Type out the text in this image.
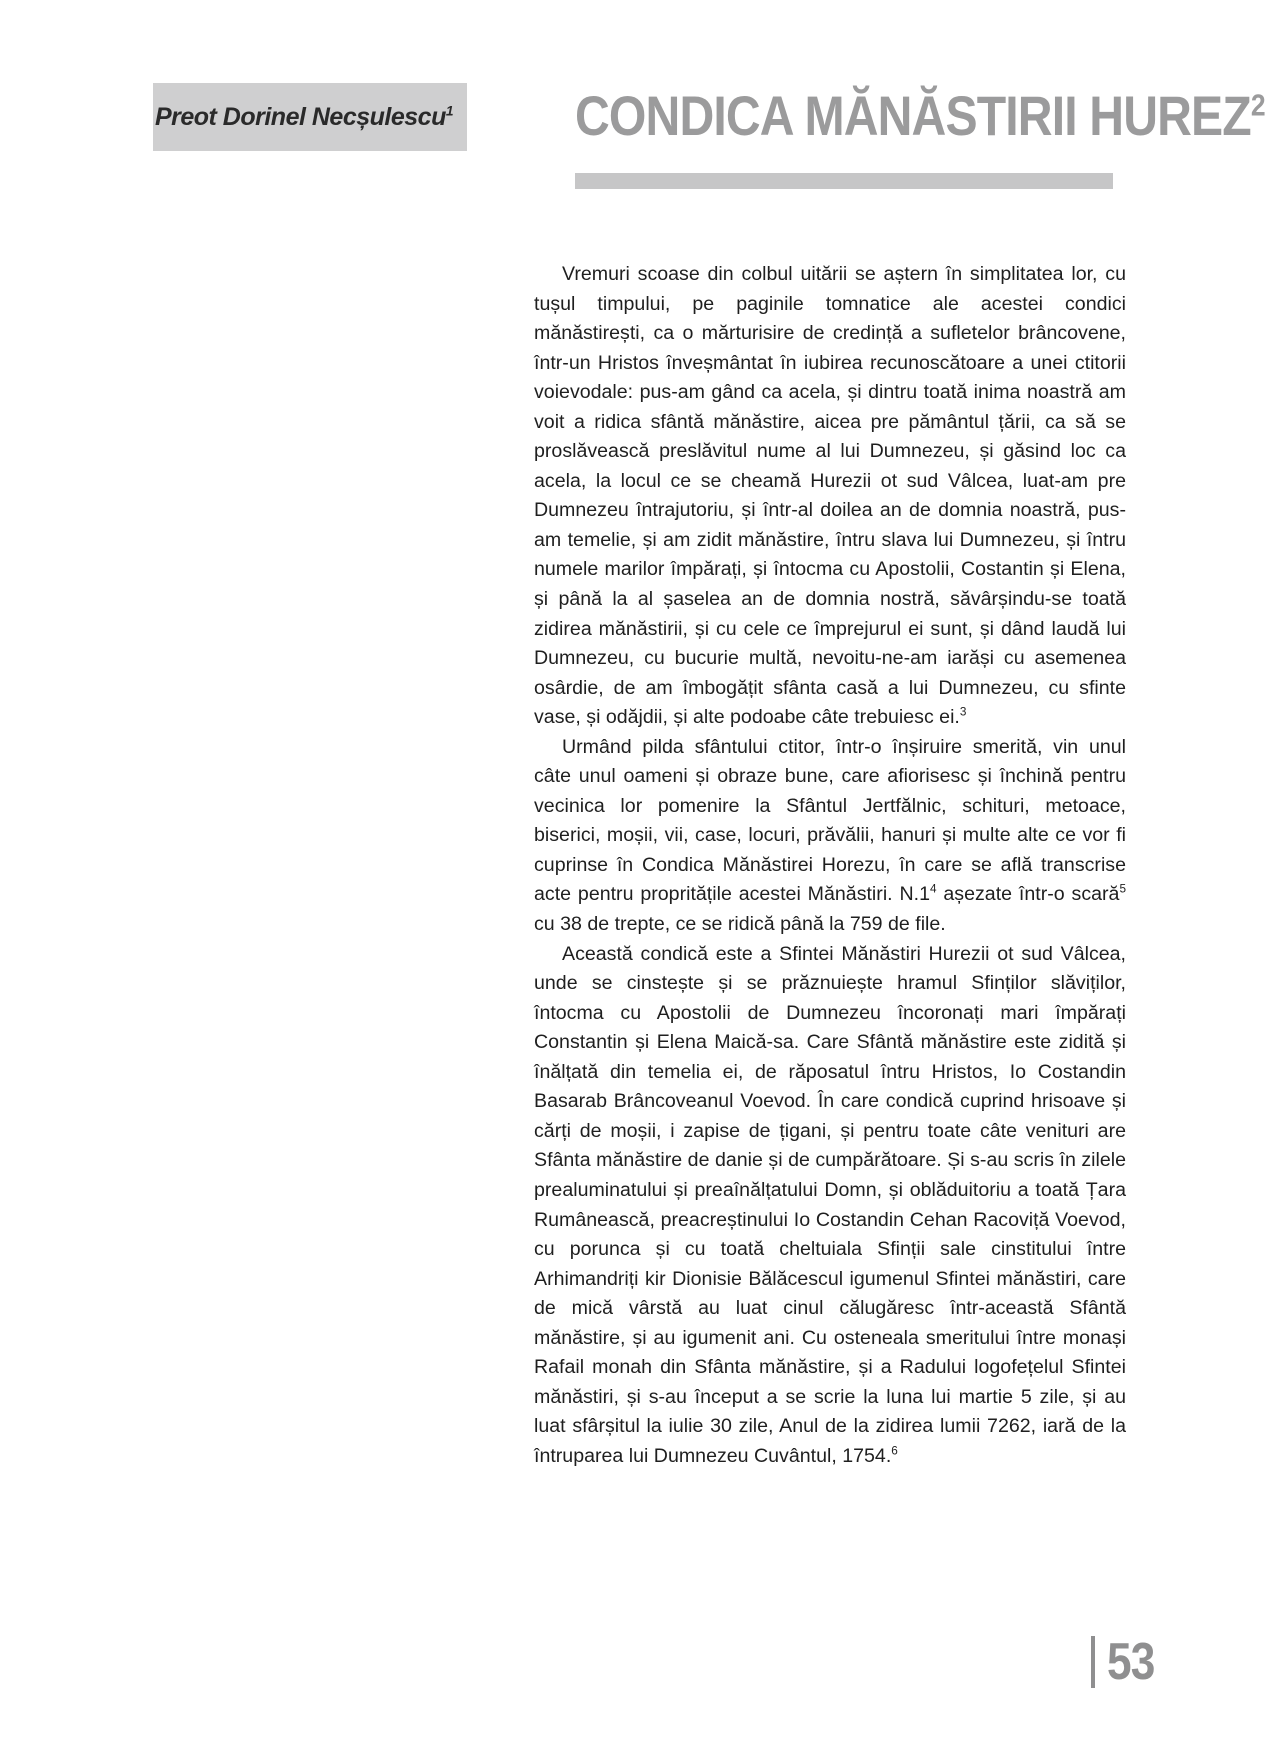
Preot Dorinel Necșulescu$^1$ CONDICA MĂNĂSTIRII HUREZ$^2$

Vremuri scoase din colbul uitării se aștern în simplitatea lor, cu tușul timpului, pe paginile tomnatice ale acestei condici mănăstirești, ca o mărturisire de credință a sufletelor brâncovene, într-un Hristos înveșmântat în iubirea recunoscătoare a unei ctitorii voievodale: pus-am gând ca acela, și dintru toată inima noastră am voit a ridica sfântă mănăstire, aicea pre pământul țării, ca să se proslăvească preslăvitul nume al lui Dumnezeu, și găsind loc ca acela, la locul ce se cheamă Hurezii ot sud Vâlcea, luat-am pre Dumnezeu întrajutoriu, și într-al doilea an de domnia noastră, pus-am temelie, și am zidit mănăstire, întru slava lui Dumnezeu, și întru numele marilor împărați, și întocma cu Apostolii, Costantin și Elena, și până la al șaselea an de domnia nostră, săvârșindu-se toată zidirea mănăstirii, și cu cele ce împrejurul ei sunt, și dând laudă lui Dumnezeu, cu bucurie multă, nevoitu-ne-am iarăși cu asemenea osârdie, de am îmbogățit sfânta casă a lui Dumnezeu, cu sfinte vase, și odăjdii, și alte podoabe câte trebuiesc ei.$^3$

Urmând pilda sfântului ctitor, într-o înșiruire smerită, vin unul câte unul oameni și obraze bune, care afiorisesc și închină pentru vecinica lor pomenire la Sfântul Jertfălnic, schituri, metoace, biserici, moșii, vii, case, locuri, prăvălii, hanuri și multe alte ce vor fi cuprinse în Condica Mănăstirei Horezu, în care se află transcrise acte pentru propritățile acestei Mănăstiri. $N.1^4$ așezate într-o scară$^5$ cu 38 de trepte, ce se ridică până la 759 de file.

Această condică este a Sfintei Mănăstiri Hurezii ot sud Vâlcea, unde se cinstește și se prăznuiește hramul Sfinților slăviților, întocma cu Apostolii de Dumnezeu încoronați mari împărați Constantin și Elena Maică-sa. Care Sfântă mănăstire este zidită și înălțată din temelia ei, de răposatul întru Hristos, Io Costandin Basarab Brâncoveanul Voevod. În care condică cuprind hrisoave și cărți de moșii, i zapise de țigani, și pentru toate câte venituri are Sfânta mănăstire de danie și de cumpărătoare. Și s-au scris în zilele prealuminatului și preaînălțatului Domn, și oblăduitoriu a toată Țara Rumânească, preacreștinului Io Costandin Cehan Racoviță Voevod, cu porunca și cu toată cheltuiala Sfinții sale cinstitului între Arhimandriți kir Dionisie Bălăcescul igumenul Sfintei mănăstiri, care de mică vârstă au luat cinul călugăresc într-această Sfântă mănăstire, și au igumenit ani. Cu osteneala smeritului între monași Rafail monah din Sfânta mănăstire, și a Radului logofețelul Sfintei mănăstiri, și s-au început a se scrie la luna lui martie 5 zile, și au luat sfârșitul la iulie 30 zile, Anul de la zidirea lumii 7262, iară de la întruparea lui Dumnezeu Cuvântul, 1754.$^6$

53
